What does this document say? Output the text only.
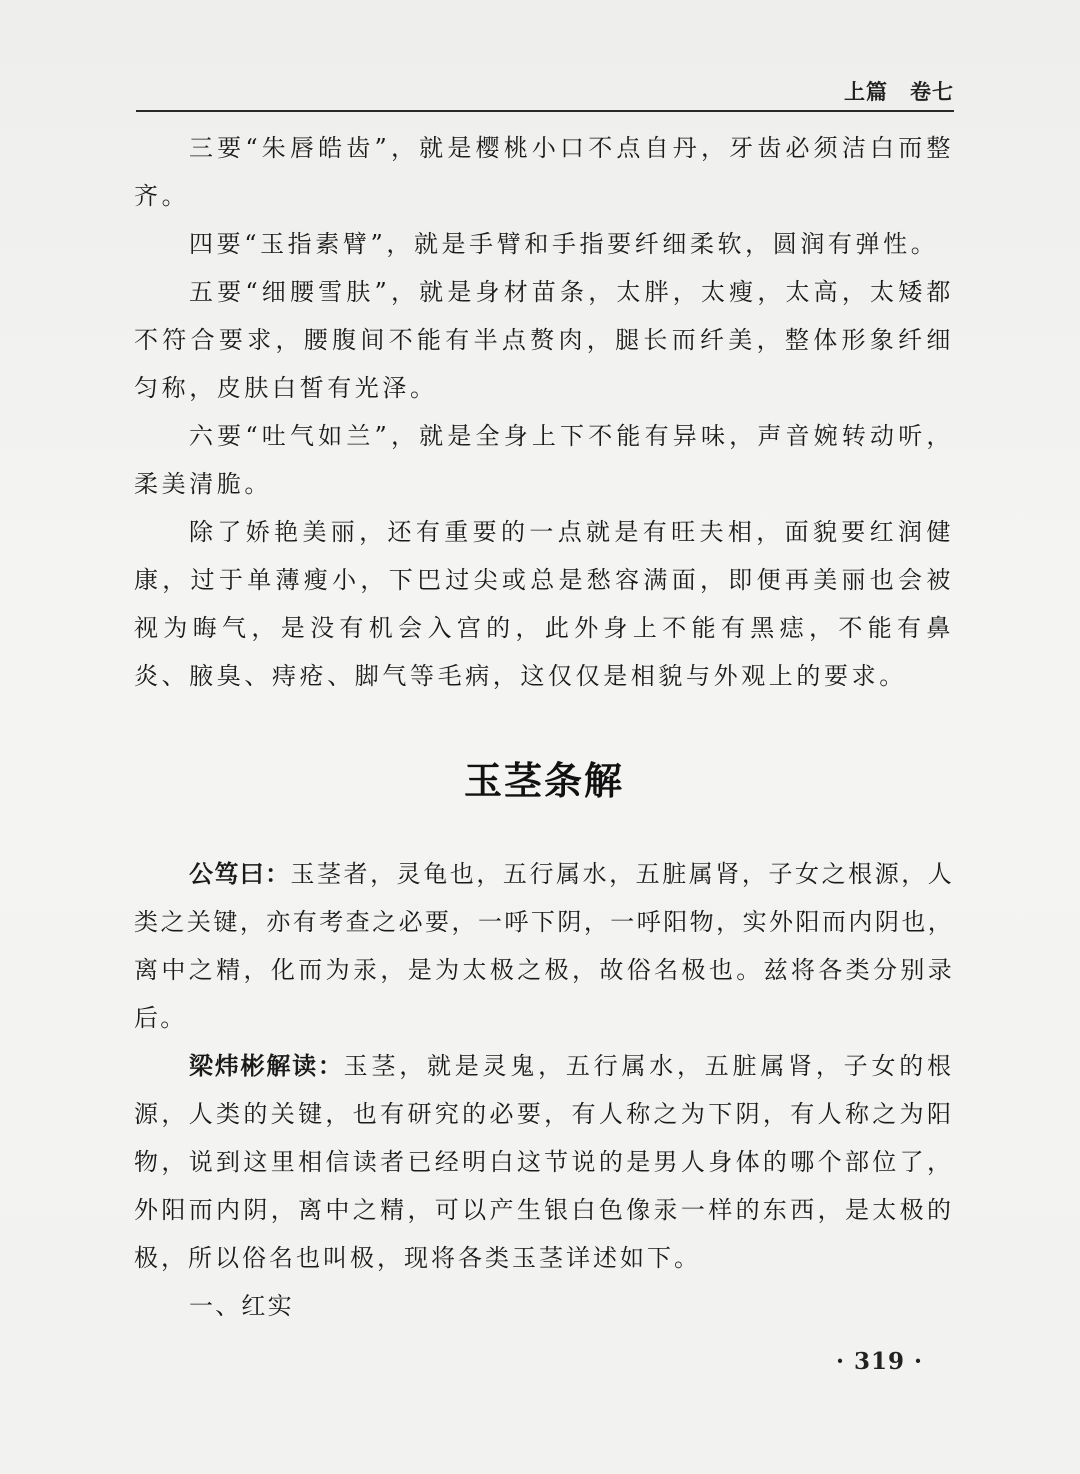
上篇　卷七

三要“朱唇皓齿”，就是樱桃小口不点自丹，牙齿必须洁白而整齐。

四要“玉指素臂”，就是手臂和手指要纤细柔软，圆润有弹性。

五要“细腰雪肤”，就是身材苗条，太胖，太瘦，太高，太矮都不符合要求，腰腹间不能有半点赘肉，腿长而纤美，整体形象纤细匀称，皮肤白皙有光泽。

六要“吐气如兰”，就是全身上下不能有异味，声音婉转动听，柔美清脆。

除了娇艳美丽，还有重要的一点就是有旺夫相，面貌要红润健康，过于单薄瘦小，下巴过尖或总是愁容满面，即便再美丽也会被视为晦气，是没有机会入宫的，此外身上不能有黑痣，不能有鼻炎、腋臭、痔疮、脚气等毛病，这仅仅是相貌与外观上的要求。

玉茎条解

公笃曰：玉茎者，灵龟也，五行属水，五脏属肾，子女之根源，人类之关键，亦有考查之必要，一呼下阴，一呼阳物，实外阳而内阴也，离中之精，化而为汞，是为太极之极，故俗名极也。兹将各类分别录后。

梁炜彬解读：玉茎，就是灵鬼，五行属水，五脏属肾，子女的根源，人类的关键，也有研究的必要，有人称之为下阴，有人称之为阳物，说到这里相信读者已经明白这节说的是男人身体的哪个部位了，外阳而内阴，离中之精，可以产生银白色像汞一样的东西，是太极的极，所以俗名也叫极，现将各类玉茎详述如下。

一、红实

· 319 ·
